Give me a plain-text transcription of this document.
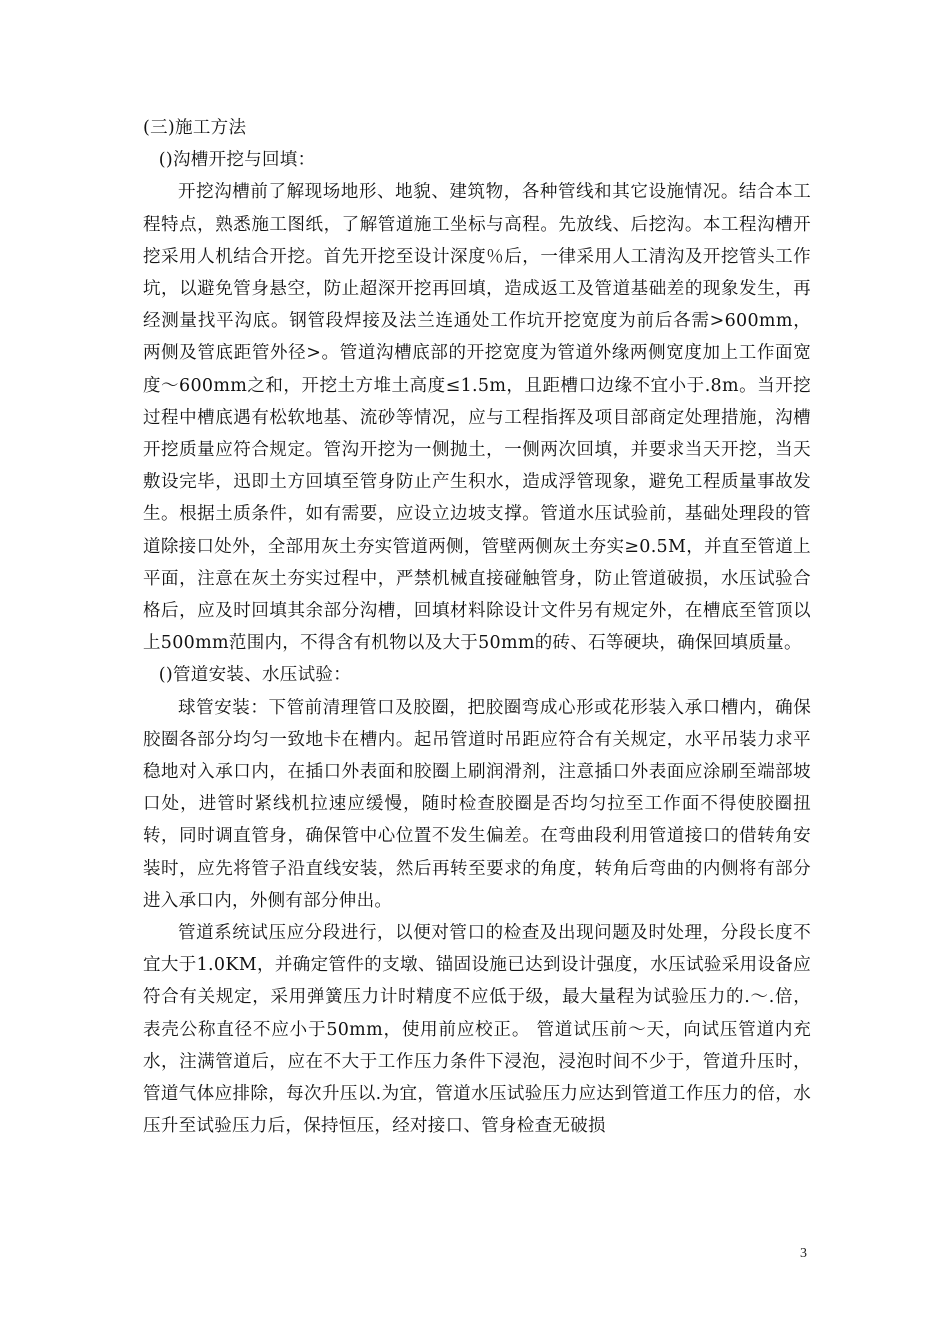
(三)施工方法

()沟槽开挖与回填：

开挖沟槽前了解现场地形、地貌、建筑物，各种管线和其它设施情况。结合本工程特点，熟悉施工图纸，了解管道施工坐标与高程。先放线、后挖沟。本工程沟槽开挖采用人机结合开挖。首先开挖至设计深度％后，一律采用人工清沟及开挖管头工作坑，以避免管身悬空，防止超深开挖再回填，造成返工及管道基础差的现象发生，再经测量找平沟底。钢管段焊接及法兰连通处工作坑开挖宽度为前后各需>600mm，两侧及管底距管外径>。管道沟槽底部的开挖宽度为管道外缘两侧宽度加上工作面宽度～600mm之和，开挖土方堆土高度≤1.5m，且距槽口边缘不宜小于.8m。当开挖过程中槽底遇有松软地基、流砂等情况，应与工程指挥及项目部商定处理措施，沟槽开挖质量应符合规定。管沟开挖为一侧抛土，一侧两次回填，并要求当天开挖，当天敷设完毕，迅即土方回填至管身防止产生积水，造成浮管现象，避免工程质量事故发生。根据土质条件，如有需要，应设立边坡支撑。管道水压试验前，基础处理段的管道除接口处外，全部用灰土夯实管道两侧，管壁两侧灰土夯实≥0.5M，并直至管道上平面，注意在灰土夯实过程中，严禁机械直接碰触管身，防止管道破损，水压试验合格后，应及时回填其余部分沟槽，回填材料除设计文件另有规定外，在槽底至管顶以上500mm范围内，不得含有机物以及大于50mm的砖、石等硬块，确保回填质量。

()管道安装、水压试验：

球管安装：下管前清理管口及胶圈，把胶圈弯成心形或花形装入承口槽内，确保胶圈各部分均匀一致地卡在槽内。起吊管道时吊距应符合有关规定，水平吊装力求平稳地对入承口内，在插口外表面和胶圈上刷润滑剂，注意插口外表面应涂刷至端部坡口处，进管时紧线机拉速应缓慢，随时检查胶圈是否均匀拉至工作面不得使胶圈扭转，同时调直管身，确保管中心位置不发生偏差。在弯曲段利用管道接口的借转角安装时，应先将管子沿直线安装，然后再转至要求的角度，转角后弯曲的内侧将有部分进入承口内，外侧有部分伸出。

管道系统试压应分段进行，以便对管口的检查及出现问题及时处理，分段长度不宜大于1.0KM，并确定管件的支墩、锚固设施已达到设计强度，水压试验采用设备应符合有关规定，采用弹簧压力计时精度不应低于级，最大量程为试验压力的.～.倍，表壳公称直径不应小于50mm，使用前应校正。 管道试压前～天，向试压管道内充水，注满管道后，应在不大于工作压力条件下浸泡，浸泡时间不少于，管道升压时，管道气体应排除，每次升压以.为宜，管道水压试验压力应达到管道工作压力的倍，水压升至试验压力后，保持恒压，经对接口、管身检查无破损

3
